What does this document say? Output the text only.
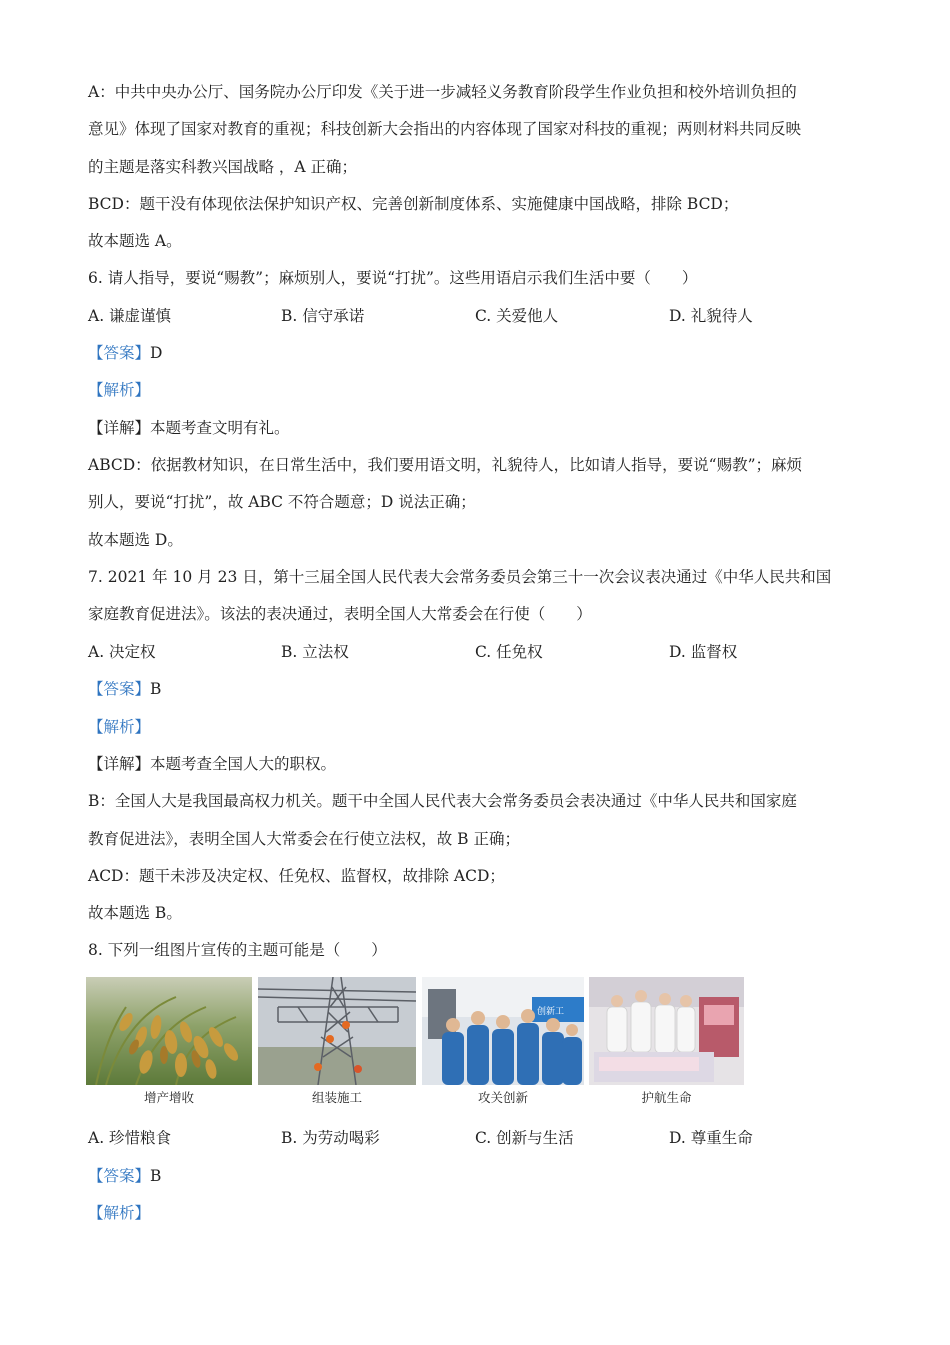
A：中共中央办公厅、国务院办公厅印发《关于进一步减轻义务教育阶段学生作业负担和校外培训负担的
意见》体现了国家对教育的重视；科技创新大会指出的内容体现了国家对科技的重视；两则材料共同反映
的主题是落实科教兴国战略 ，A 正确；
BCD：题干没有体现依法保护知识产权、完善创新制度体系、实施健康中国战略，排除 BCD；
故本题选 A。
6. 请人指导，要说“赐教”；麻烦别人，要说“打扰”。这些用语启示我们生活中要（　　）
A. 谦虚谨慎	B. 信守承诺	C. 关爱他人	D. 礼貌待人
【答案】D
【解析】
【详解】本题考查文明有礼。
ABCD：依据教材知识，在日常生活中，我们要用语文明，礼貌待人，比如请人指导，要说“赐教”；麻烦
别人，要说“打扰”，故 ABC 不符合题意；D 说法正确；
故本题选 D。
7. 2021 年 10 月 23 日，第十三届全国人民代表大会常务委员会第三十一次会议表决通过《中华人民共和国
家庭教育促进法》。该法的表决通过，表明全国人大常委会在行使（　　）
A. 决定权	B. 立法权	C. 任免权	D. 监督权
【答案】B
【解析】
【详解】本题考查全国人大的职权。
B：全国人大是我国最高权力机关。题干中全国人民代表大会常务委员会表决通过《中华人民共和国家庭
教育促进法》，表明全国人大常委会在行使立法权，故 B 正确；
ACD：题干未涉及决定权、任免权、监督权，故排除 ACD；
故本题选 B。
8. 下列一组图片宣传的主题可能是（　　）
创新工
增产增收	组装施工	攻关创新	护航生命
A. 珍惜粮食	B. 为劳动喝彩	C. 创新与生活	D. 尊重生命
【答案】B
【解析】
